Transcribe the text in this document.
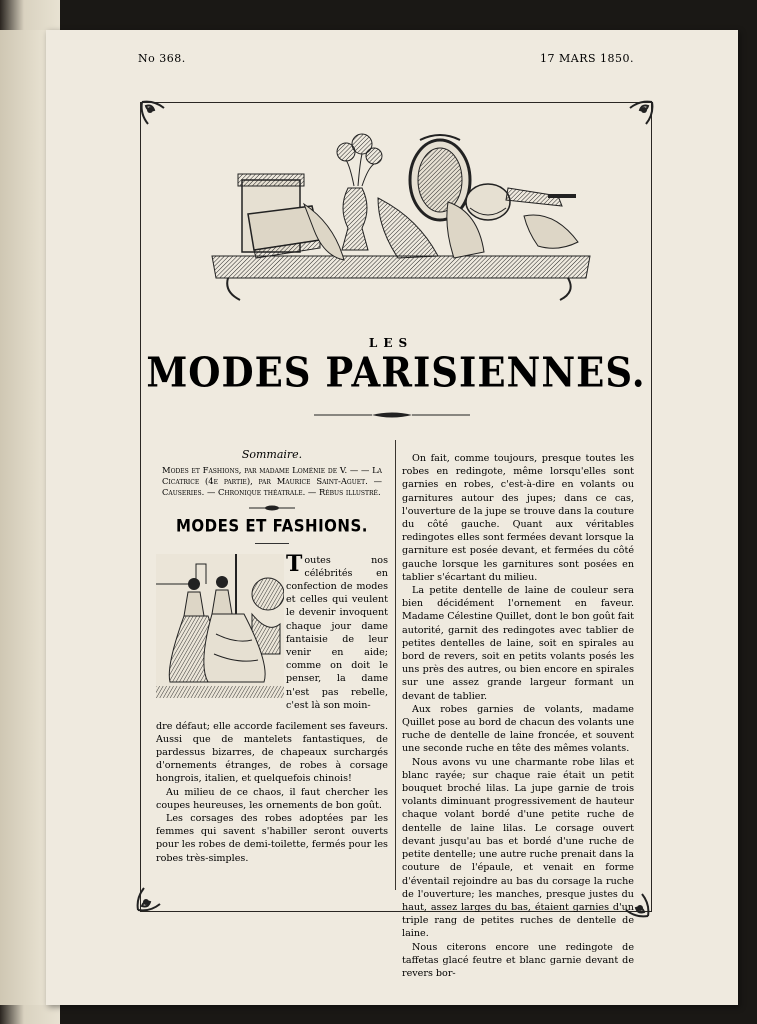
No 368.	17 MARS 1850.
LES
MODES PARISIENNES.
Sommaire.
Modes et Fashions, par madame Loménie de V. — — La Cicatrice (4e partie), par Maurice Saint-Aguet. — Causeries. — Chronique théatrale. — Rébus illustré.
MODES ET FASHIONS.
T outes nos célébrités en confection de modes et celles qui veulent le devenir invoquent chaque jour dame fantaisie de leur venir en aide; comme on doit le penser, la dame n'est pas rebelle, c'est là son moin-

dre défaut; elle accorde facilement ses faveurs. Aussi que de mantelets fantastiques, de pardessus bizarres, de chapeaux surchargés d'ornements étranges, de robes à corsage hongrois, italien, et quelquefois chinois!

Au milieu de ce chaos, il faut chercher les coupes heureuses, les ornements de bon goût.

Les corsages des robes adoptées par les femmes qui savent s'habiller seront ouverts pour les robes de demi-toilette, fermés pour les robes très-simples.

On fait, comme toujours, presque toutes les robes en redingote, même lorsqu'elles sont garnies en robes, c'est-à-dire en volants ou garnitures autour des jupes; dans ce cas, l'ouverture de la jupe se trouve dans la couture du côté gauche. Quant aux véritables redingotes elles sont fermées devant lorsque la garniture est posée devant, et fermées du côté gauche lorsque les garnitures sont posées en tablier s'écartant du milieu.

La petite dentelle de laine de couleur sera bien décidément l'ornement en faveur. Madame Célestine Quillet, dont le bon goût fait autorité, garnit des redingotes avec tablier de petites dentelles de laine, soit en spirales au bord de revers, soit en petits volants posés les uns près des autres, ou bien encore en spirales sur une assez grande largeur formant un devant de tablier.

Aux robes garnies de volants, madame Quillet pose au bord de chacun des volants une ruche de dentelle de laine froncée, et souvent une seconde ruche en tête des mêmes volants.

Nous avons vu une charmante robe lilas et blanc rayée; sur chaque raie était un petit bouquet broché lilas. La jupe garnie de trois volants diminuant progressivement de hauteur chaque volant bordé d'une petite ruche de dentelle de laine lilas. Le corsage ouvert devant jusqu'au bas et bordé d'une ruche de petite dentelle; une autre ruche prenait dans la couture de l'épaule, et venait en forme d'éventail rejoindre au bas du corsage la ruche de l'ouverture; les manches, presque justes du haut, assez larges du bas, étaient garnies d'un triple rang de petites ruches de dentelle de laine.

Nous citerons encore une redingote de taffetas glacé feutre et blanc garnie devant de revers bor-
